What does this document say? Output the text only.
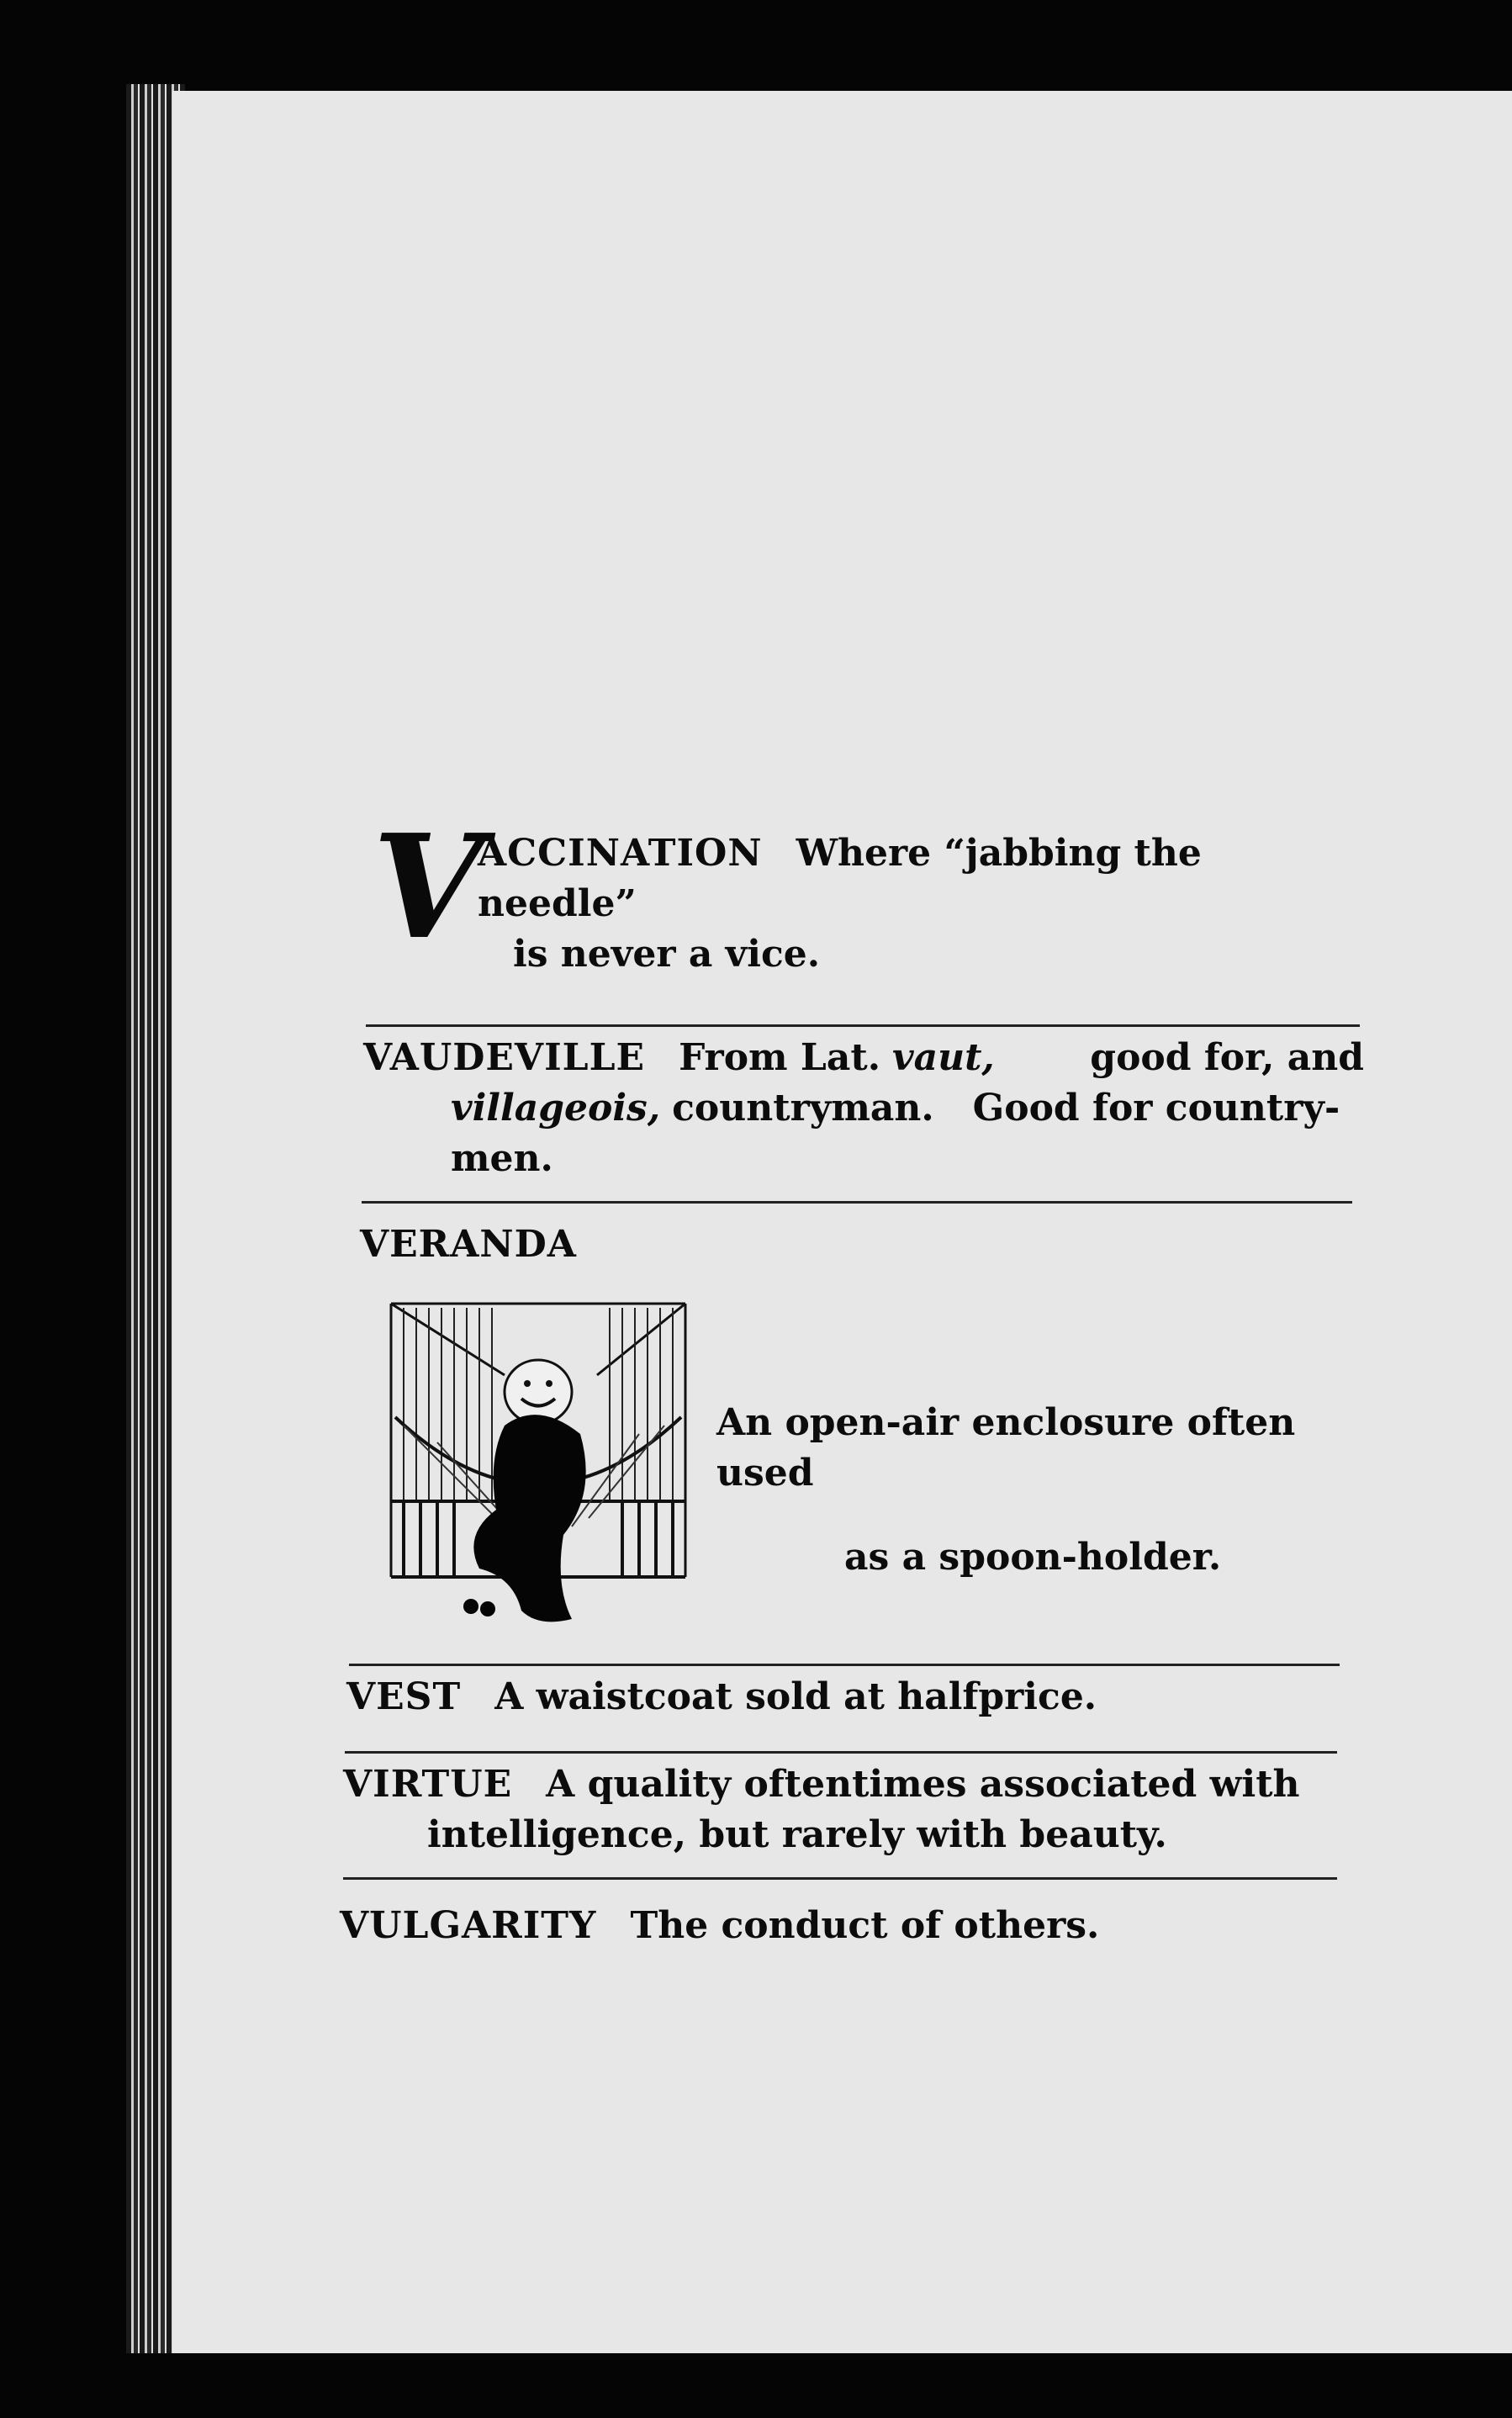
V
ACCINATION Where “jabbing the needle”
is never a vice.
VAUDEVILLE From Lat. vaut,	good for, and
villageois, countryman.   Good for country-
men.
VERANDA
An open-air enclosure often used
as a spoon-holder.
VEST A waistcoat sold at halfprice.
VIRTUE A quality oftentimes associated with
intelligence, but rarely with beauty.
VULGARITY The conduct of others.
